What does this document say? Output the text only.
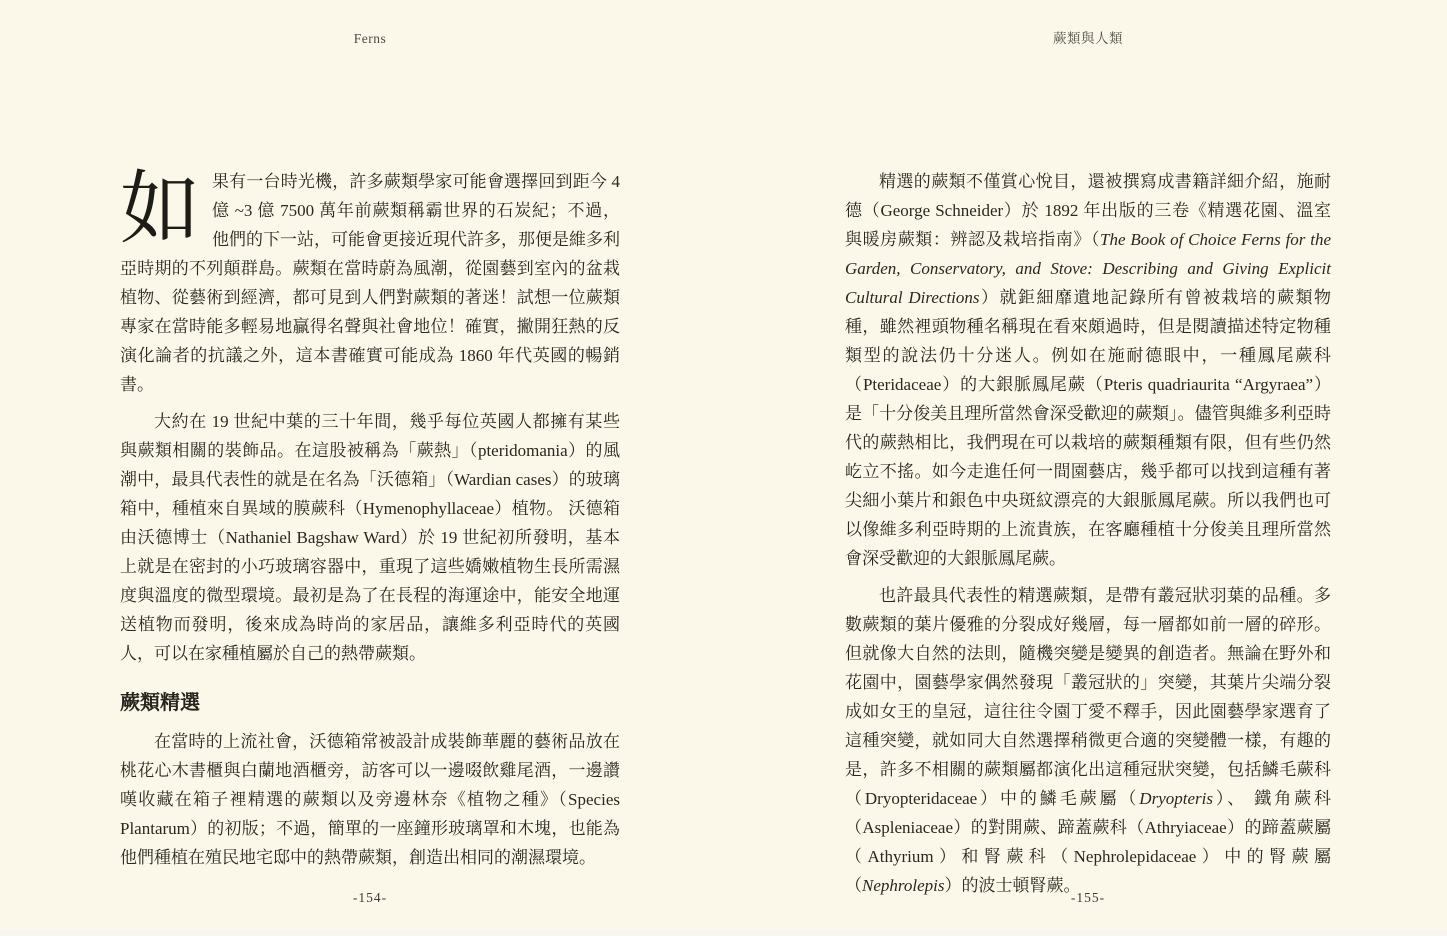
Ferns	蕨類與人類

如果有一台時光機，許多蕨類學家可能會選擇回到距今 4 億 ~3 億 7500 萬年前蕨類稱霸世界的石炭紀；不過，他們的下一站，可能會更接近現代許多，那便是維多利亞時期的不列顛群島。蕨類在當時蔚為風潮，從園藝到室內的盆栽植物、從藝術到經濟，都可見到人們對蕨類的著迷！試想一位蕨類專家在當時能多輕易地贏得名聲與社會地位！確實，撇開狂熱的反演化論者的抗議之外，這本書確實可能成為 1860 年代英國的暢銷書。

大約在 19 世紀中葉的三十年間，幾乎每位英國人都擁有某些與蕨類相關的裝飾品。在這股被稱為「蕨熱」（pteridomania）的風潮中，最具代表性的就是在名為「沃德箱」（Wardian cases）的玻璃箱中，種植來自異域的膜蕨科（Hymenophyllaceae）植物。 沃德箱由沃德博士（Nathaniel Bagshaw Ward）於 19 世紀初所發明，基本上就是在密封的小巧玻璃容器中，重現了這些嬌嫩植物生長所需濕度與溫度的微型環境。最初是為了在長程的海運途中，能安全地運送植物而發明，後來成為時尚的家居品，讓維多利亞時代的英國人，可以在家種植屬於自己的熱帶蕨類。

蕨類精選

在當時的上流社會，沃德箱常被設計成裝飾華麗的藝術品放在桃花心木書櫃與白蘭地酒櫃旁，訪客可以一邊啜飲雞尾酒，一邊讚嘆收藏在箱子裡精選的蕨類以及旁邊林奈《植物之種》（Species Plantarum）的初版；不過，簡單的一座鐘形玻璃罩和木塊，也能為他們種植在殖民地宅邸中的熱帶蕨類，創造出相同的潮濕環境。

精選的蕨類不僅賞心悅目，還被撰寫成書籍詳細介紹，施耐德（George Schneider）於 1892 年出版的三卷《精選花園、溫室與暖房蕨類：辨認及栽培指南》（The Book of Choice Ferns for the Garden, Conservatory, and Stove: Describing and Giving Explicit Cultural Directions）就鉅細靡遺地記錄所有曾被栽培的蕨類物種，雖然裡頭物種名稱現在看來頗過時，但是閱讀描述特定物種類型的說法仍十分迷人。例如在施耐德眼中，一種鳳尾蕨科（Pteridaceae）的大銀脈鳳尾蕨（Pteris quadriaurita “Argyraea”） 是「十分俊美且理所當然會深受歡迎的蕨類」。儘管與維多利亞時代的蕨熱相比，我們現在可以栽培的蕨類種類有限，但有些仍然屹立不搖。如今走進任何一間園藝店，幾乎都可以找到這種有著尖細小葉片和銀色中央斑紋漂亮的大銀脈鳳尾蕨。所以我們也可以像維多利亞時期的上流貴族，在客廳種植十分俊美且理所當然會深受歡迎的大銀脈鳳尾蕨。

也許最具代表性的精選蕨類，是帶有叢冠狀羽葉的品種。多數蕨類的葉片優雅的分裂成好幾層，每一層都如前一層的碎形。但就像大自然的法則，隨機突變是變異的創造者。無論在野外和花園中，園藝學家偶然發現「叢冠狀的」突變，其葉片尖端分裂成如女王的皇冠，這往往令園丁愛不釋手，因此園藝學家選育了這種突變，就如同大自然選擇稍微更合適的突變體一樣，有趣的是，許多不相關的蕨類屬都演化出這種冠狀突變，包括鱗毛蕨科（Dryopteridaceae）中的鱗毛蕨屬（Dryopteris）、 鐵角蕨科（Aspleniaceae）的對開蕨、蹄蓋蕨科（Athryiaceae）的蹄蓋蕨屬（Athyrium）和腎蕨科（Nephrolepidaceae）中的腎蕨屬（Nephrolepis）的波士頓腎蕨。

-154-	-155-
